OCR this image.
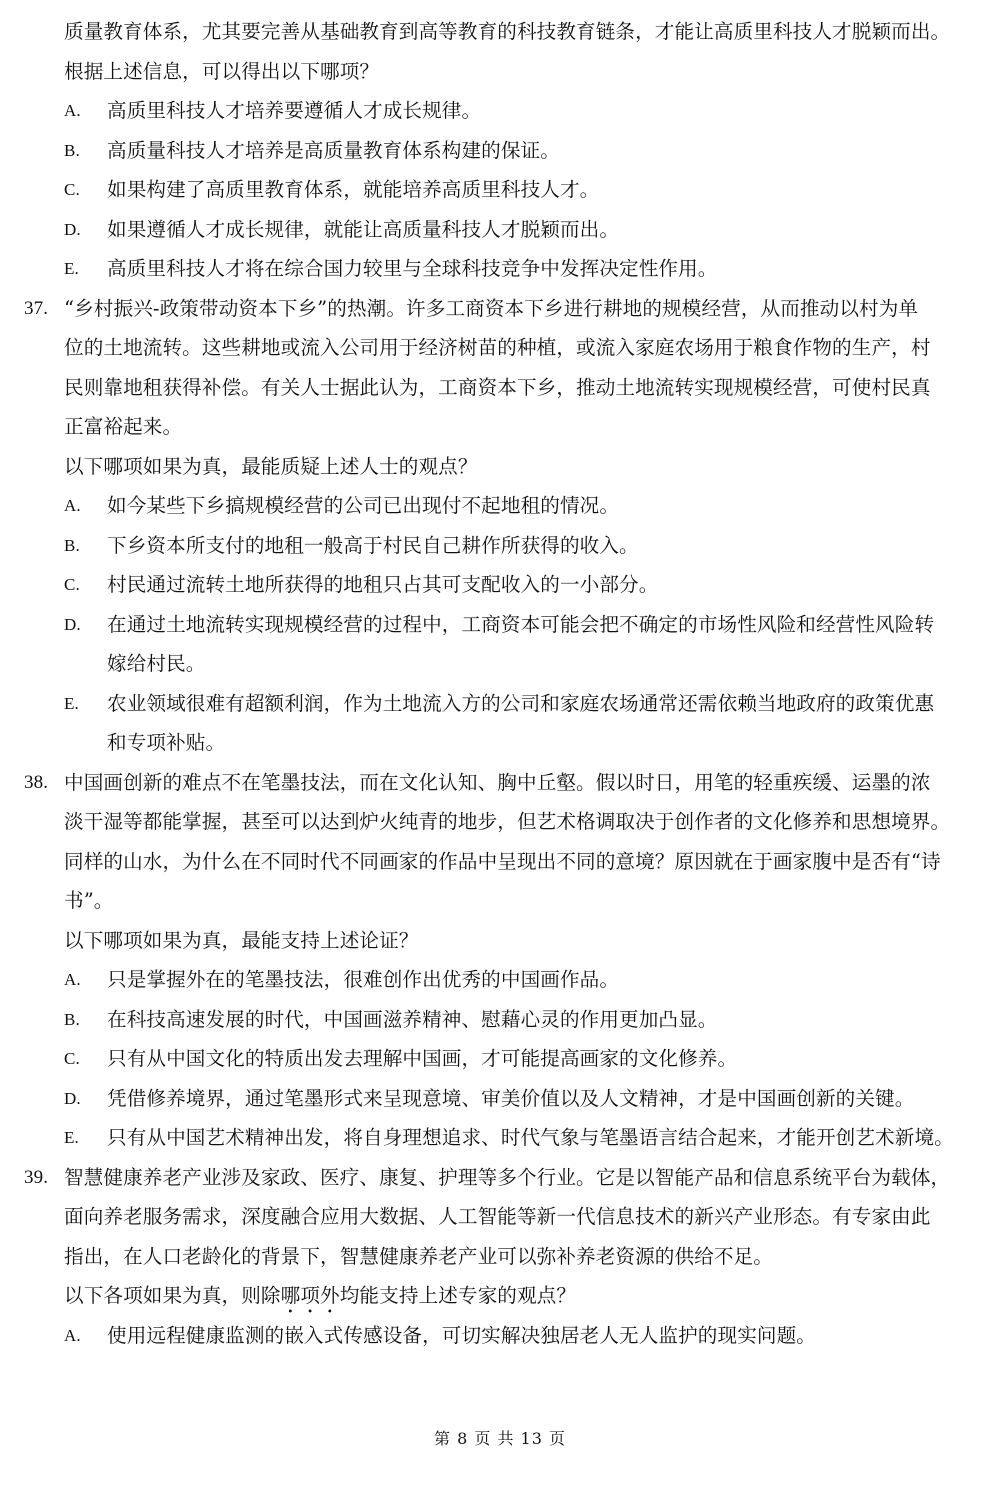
质量教育体系，尤其要完善从基础教育到高等教育的科技教育链条，才能让高质里科技人才脱颖而出。
根据上述信息，可以得出以下哪项？
A. 高质里科技人才培养要遵循人才成长规律。
B. 高质量科技人才培养是高质量教育体系构建的保证。
C. 如果构建了高质里教育体系，就能培养高质里科技人才。
D. 如果遵循人才成长规律，就能让高质量科技人才脱颖而出。
E. 高质里科技人才将在综合国力较里与全球科技竞争中发挥决定性作用。
37. “乡村振兴-政策带动资本下乡”的热潮。许多工商资本下乡进行耕地的规模经营，从而推动以村为单
位的土地流转。这些耕地或流入公司用于经济树苗的种植，或流入家庭农场用于粮食作物的生产，村
民则靠地租获得补偿。有关人士据此认为，工商资本下乡，推动土地流转实现规模经营，可使村民真
正富裕起来。
以下哪项如果为真，最能质疑上述人士的观点？
A. 如今某些下乡搞规模经营的公司已出现付不起地租的情况。
B. 下乡资本所支付的地租一般高于村民自己耕作所获得的收入。
C. 村民通过流转土地所获得的地租只占其可支配收入的一小部分。
D. 在通过土地流转实现规模经营的过程中，工商资本可能会把不确定的市场性风险和经营性风险转
嫁给村民。
E. 农业领域很难有超额利润，作为土地流入方的公司和家庭农场通常还需依赖当地政府的政策优惠
和专项补贴。
38. 中国画创新的难点不在笔墨技法，而在文化认知、胸中丘壑。假以时日，用笔的轻重疾缓、运墨的浓
淡干湿等都能掌握，甚至可以达到炉火纯青的地步，但艺术格调取决于创作者的文化修养和思想境界。
同样的山水，为什么在不同时代不同画家的作品中呈现出不同的意境？原因就在于画家腹中是否有“诗
书”。
以下哪项如果为真，最能支持上述论证？
A. 只是掌握外在的笔墨技法，很难创作出优秀的中国画作品。
B. 在科技高速发展的时代，中国画滋养精神、慰藉心灵的作用更加凸显。
C. 只有从中国文化的特质出发去理解中国画，才可能提高画家的文化修养。
D. 凭借修养境界，通过笔墨形式来呈现意境、审美价值以及人文精神，才是中国画创新的关键。
E. 只有从中国艺术精神出发，将自身理想追求、时代气象与笔墨语言结合起来，才能开创艺术新境。
39. 智慧健康养老产业涉及家政、医疗、康复、护理等多个行业。它是以智能产品和信息系统平台为载体，
面向养老服务需求，深度融合应用大数据、人工智能等新一代信息技术的新兴产业形态。有专家由此
指出，在人口老龄化的背景下，智慧健康养老产业可以弥补养老资源的供给不足。
以下各项如果为真，则除哪项外均能支持上述专家的观点？
A. 使用远程健康监测的嵌入式传感设备，可切实解决独居老人无人监护的现实问题。
第 8 页 共 13 页
